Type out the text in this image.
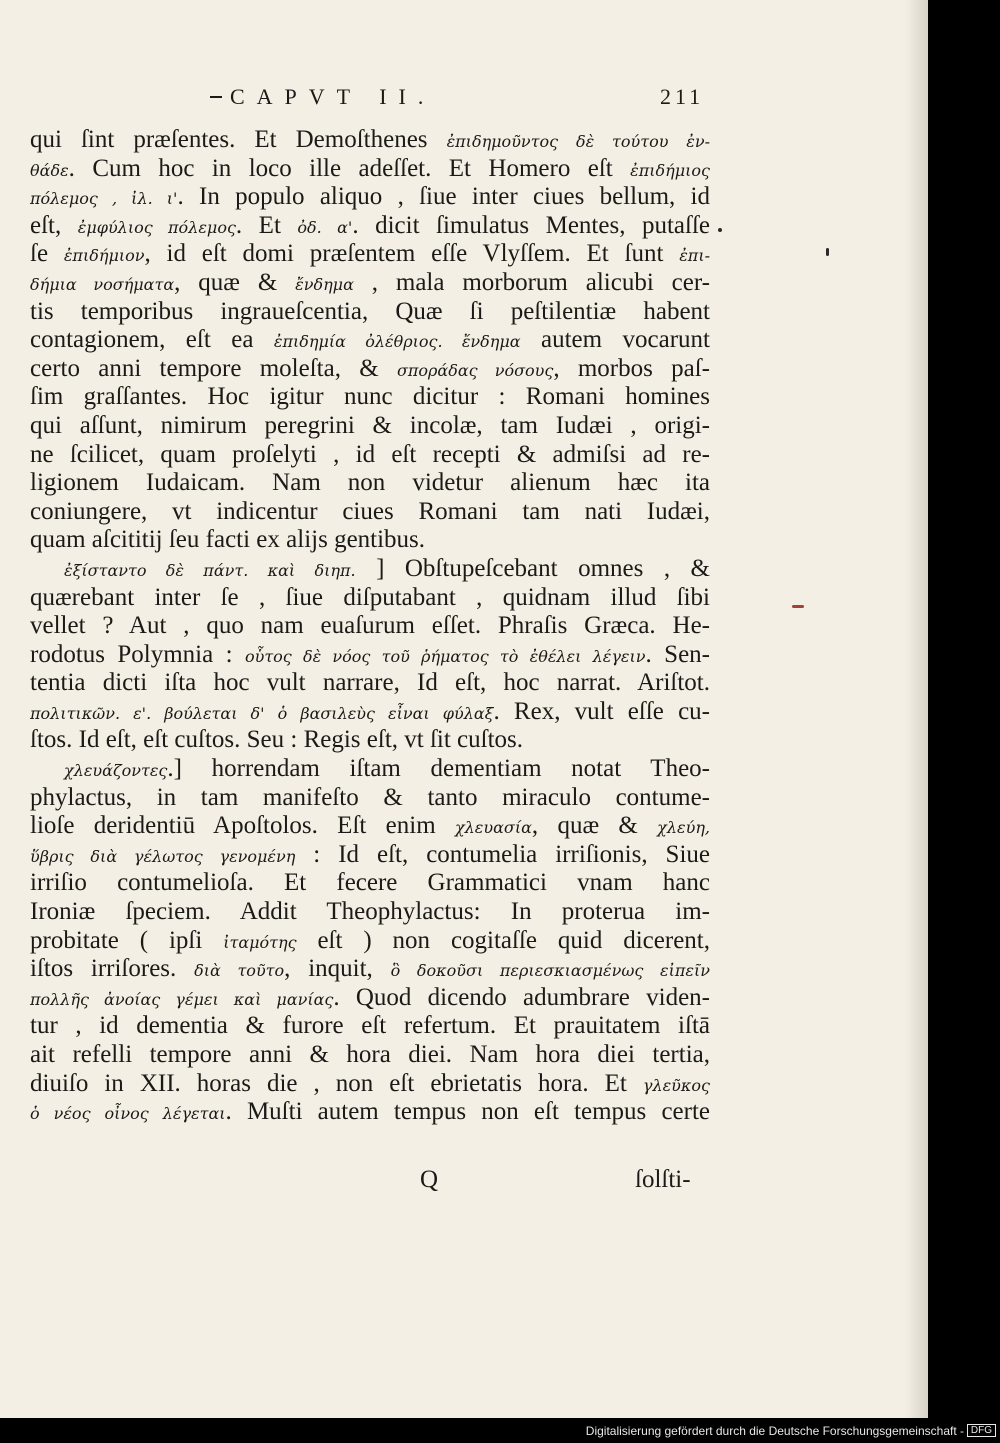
CAPVT II.	211
qui ſint præſentes. Et Demoſthenes ἐπιδημοῦντος δὲ τούτου ἐν-
θάδε. Cum hoc in loco ille adeſſet. Et Homero eſt ἐπιδήμιος
πόλεμος , ἰλ. ι'. In populo aliquo , ſiue inter ciues bellum, id
eſt, ἐμφύλιος πόλεμος. Et ὀδ. α'. dicit ſimulatus Mentes, putaſſe
ſe ἐπιδήμιον, id eſt domi præſentem eſſe Vlyſſem. Et ſunt ἐπι-
δήμια νοσήματα, quæ & ἔνδημα , mala morborum alicubi cer-
tis temporibus ingraueſcentia, Quæ ſi peſtilentiæ habent
contagionem, eſt ea ἐπιδημία ὀλέθριος. ἔνδημα autem vocarunt
certo anni tempore moleſta, & σποράδας νόσους, morbos paſ-
ſim graſſantes. Hoc igitur nunc dicitur : Romani homines
qui aſſunt, nimirum peregrini & incolæ, tam Iudæi , origi-
ne ſcilicet, quam proſelyti , id eſt recepti & admiſsi ad re-
ligionem Iudaicam. Nam non videtur alienum hæc ita
coniungere, vt indicentur ciues Romani tam nati Iudæi,
quam aſcititij ſeu facti ex alijs gentibus.
ἐξίσταντο δὲ πάντ. καὶ διηπ. ] Obſtupeſcebant omnes , &
quærebant inter ſe , ſiue diſputabant , quidnam illud ſibi
vellet ? Aut , quo nam euaſurum eſſet. Phraſis Græca. He-
rodotus Polymnia : οὗτος δὲ νόος τοῦ ῥήματος τὸ ἐθέλει λέγειν. Sen-
tentia dicti iſta hoc vult narrare, Id eſt, hoc narrat. Ariſtot.
πολιτικῶν. ε'. βούλεται δ' ὁ βασιλεὺς εἶναι φύλαξ. Rex, vult eſſe cu-
ſtos. Id eſt, eſt cuſtos. Seu : Regis eſt, vt ſit cuſtos.
χλευάζοντες.] horrendam iſtam dementiam notat Theo-
phylactus, in tam manifeſto & tanto miraculo contume-
lioſe deridentiū Apoſtolos. Eſt enim χλευασία, quæ & χλεύη,
ὕβρις διὰ γέλωτος γενομένη : Id eſt, contumelia irriſionis, Siue
irriſio contumelioſa. Et fecere Grammatici vnam hanc
Ironiæ ſpeciem. Addit Theophylactus: In proterua im-
probitate ( ipſi ἰταμότης eſt ) non cogitaſſe quid dicerent,
iſtos irriſores. διὰ τοῦτο, inquit, ὃ δοκοῦσι περιεσκιασμένως εἰπεῖν
πολλῆς ἀνοίας γέμει καὶ μανίας. Quod dicendo adumbrare viden-
tur , id dementia & furore eſt refertum. Et prauitatem iſtā
ait refelli tempore anni & hora diei. Nam hora diei tertia,
diuiſo in XII. horas die , non eſt ebrietatis hora. Et γλεῦκος
ὁ νέος οἶνος λέγεται. Muſti autem tempus non eſt tempus certe
Q	ſolſti-
Digitalisierung gefördert durch die Deutsche Forschungsgemeinschaft - DFG
